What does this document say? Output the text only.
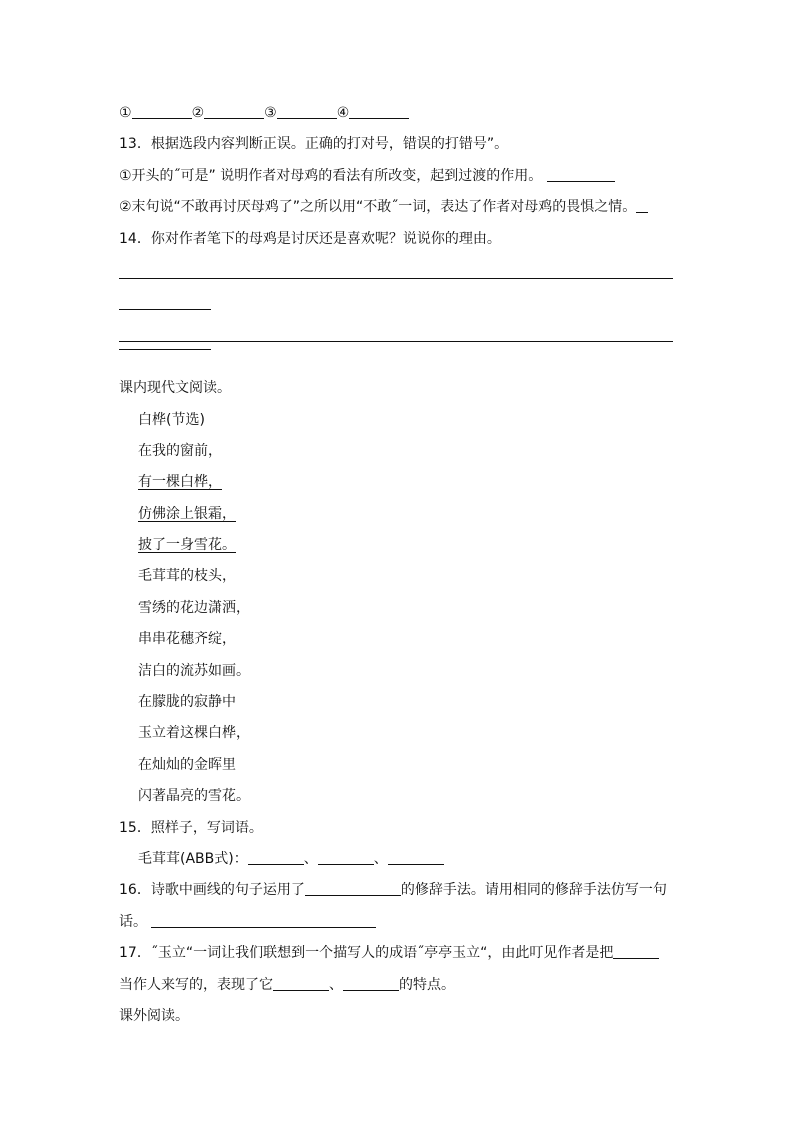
①	②	③	④
13．根据选段内容判断正误。正确的打对号，错误的打错号”。
①开头的˝可是” 说明作者对母鸡的看法有所改变，起到过渡的作用。
②末句说“不敢再讨厌母鸡了”之所以用“不敢˝一词，表达了作者对母鸡的畏惧之情。
14．你对作者笔下的母鸡是讨厌还是喜欢呢？说说你的理由。
课内现代文阅读。
白桦(节选)
在我的窗前，
有一棵白桦，
仿佛涂上银霜，
披了一身雪花。
毛茸茸的枝头，
雪绣的花边潇洒，
串串花穗齐绽，
洁白的流苏如画。
在朦胧的寂静中
玉立着这棵白桦，
在灿灿的金晖里
闪著晶亮的雪花。
15．照样子，写词语。
毛茸茸(ABB式)：	、	、
16．诗歌中画线的句子运用了	的修辞手法。请用相同的修辞手法仿写一句
话。
17．˝玉立“一词让我们联想到一个描写人的成语˝亭亭玉立“，由此叮见作者是把
当作人来写的，表现了它	、	的特点。
课外阅读。
